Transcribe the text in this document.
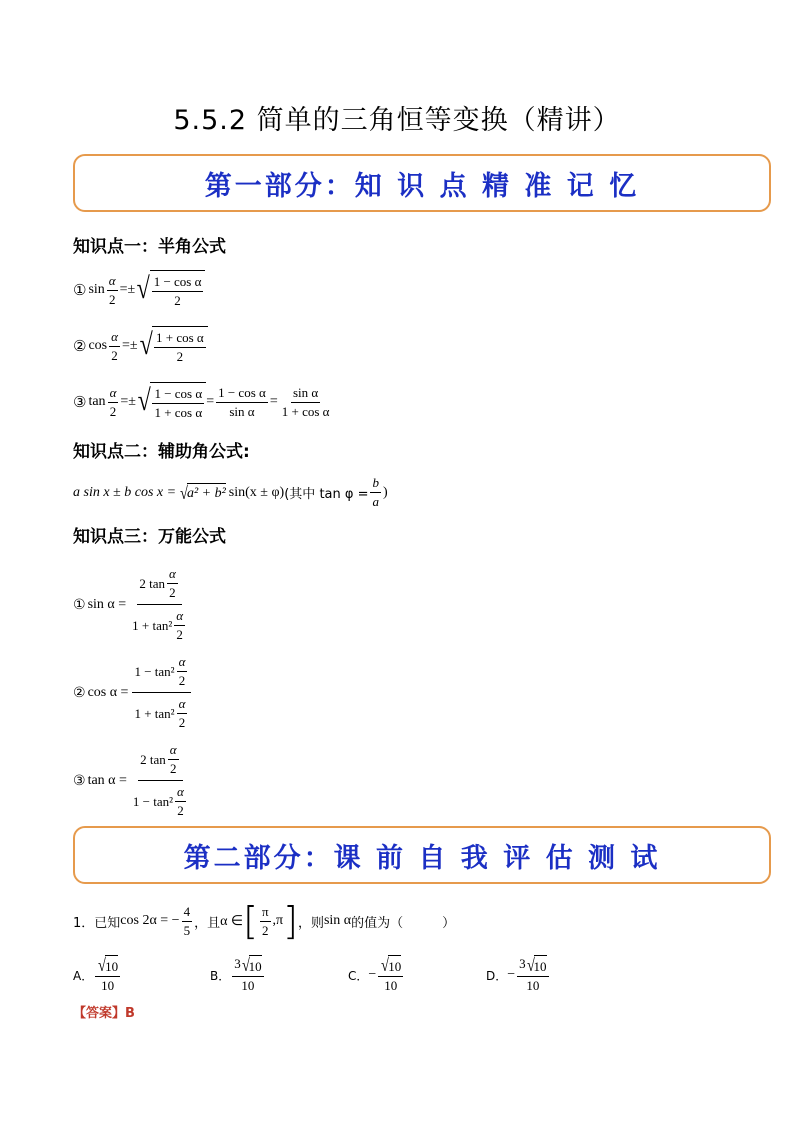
5.5.2 简单的三角恒等变换（精讲）
第一部分：知 识 点 精 准 记 忆
知识点一：半角公式
① $\sin \frac{\alpha}{2}$ = ± √ $\frac{\text{1 − cos α}}{2}$
② $\cos \frac{\alpha}{2}$ = ± √ $\frac{\text{1 + cos α}}{2}$
③ $\tan \frac{\alpha}{2}$ = ± √ $\frac{\text{1 − cos α}}{\text{1 + cos α}} = \frac{\text{1 − cos α}}{\text{sin α}} = \frac{\text{sin α}}{\text{1 + cos α}}$
知识点二：辅助角公式:
a sin x ± b cos x = √
a² + b² sin(x ± φ) (其中 $\tan \varphi = \frac{b}{a}$ )
知识点三：万能公式
① $\sin \alpha = \frac{2 \tan \frac{\alpha}{2}}{1 + \tan^2 \frac{\alpha}{2}}$
② $\cos \alpha = \frac{1 - \tan^2 \frac{\alpha}{2}}{1 + \tan^2 \frac{\alpha}{2}}$
③ $\tan \alpha = \frac{2 \tan \frac{\alpha}{2}}{1 - \tan^2 \frac{\alpha}{2}}$
第二部分：课 前 自 我 评 估 测 试
1．已知 cos 2α = − $\frac{4}{5}$ ，且 α ∈ [ $\frac{\pi}{2} ,\pi$ ] ，则 sin α 的值为（　　　）
A． √
10
10	B． 3 √
10
10	C． − √
10
10	D． − 3 √
10
10
【答案】B
